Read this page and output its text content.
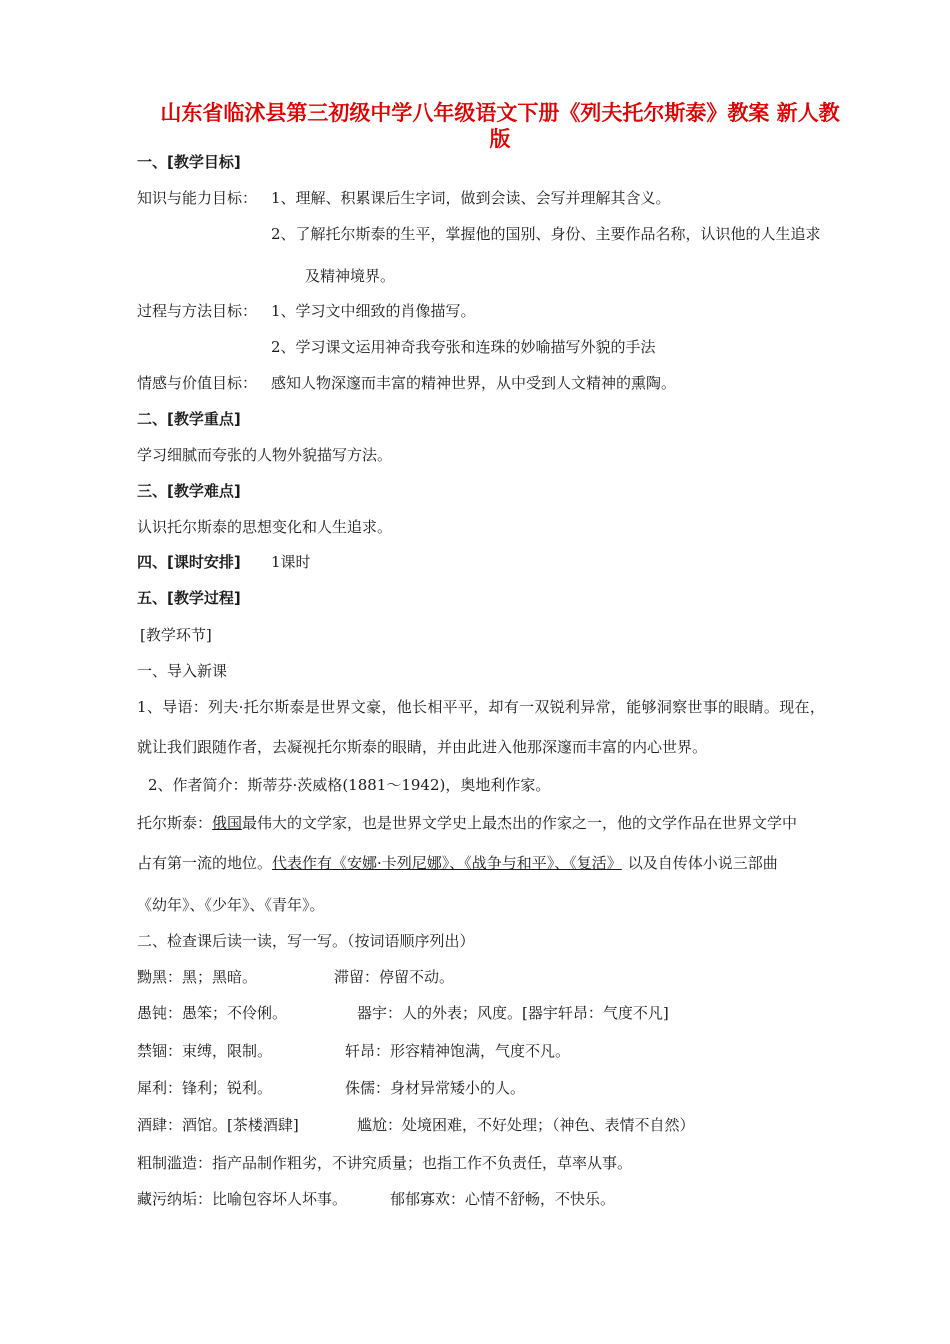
山东省临沭县第三初级中学八年级语文下册《列夫托尔斯泰》教案 新人教
版
一、[教学目标]
知识与能力目标： 1、理解、积累课后生字词，做到会读、会写并理解其含义。
2、了解托尔斯泰的生平，掌握他的国别、身份、主要作品名称，认识他的人生追求
及精神境界。
过程与方法目标： 1、学习文中细致的肖像描写。
2、学习课文运用神奇我夸张和连珠的妙喻描写外貌的手法
情感与价值目标： 感知人物深邃而丰富的精神世界，从中受到人文精神的熏陶。
二、[教学重点]
学习细腻而夸张的人物外貌描写方法。
三、[教学难点]
认识托尔斯泰的思想变化和人生追求。
四、[课时安排] 1课时
五、[教学过程]
[教学环节]
一、导入新课
1、导语：列夫·托尔斯泰是世界文豪，他长相平平，却有一双锐利异常，能够洞察世事的眼睛。现在，
就让我们跟随作者，去凝视托尔斯泰的眼睛，并由此进入他那深邃而丰富的内心世界。
2、作者简介：斯蒂芬·茨威格(1881～1942)，奥地利作家。
托尔斯泰：俄国最伟大的文学家，也是世界文学史上最杰出的作家之一，他的文学作品在世界文学中
占有第一流的地位。代表作有《安娜·卡列尼娜》、《战争与和平》、《复活》 以及自传体小说三部曲
《幼年》、《少年》、《青年》。
二、检查课后读一读，写一写。（按词语顺序列出）
黝黑：黑；黑暗。	滞留：停留不动。
愚钝：愚笨；不伶俐。	器宇：人的外表；风度。[器宇轩昂：气度不凡]
禁锢：束缚，限制。	轩昂：形容精神饱满，气度不凡。
犀利：锋利；锐利。	侏儒：身材异常矮小的人。
酒肆：酒馆。[茶楼酒肆]	尴尬：处境困难，不好处理；（神色、表情不自然）
粗制滥造：指产品制作粗劣，不讲究质量；也指工作不负责任，草率从事。
藏污纳垢：比喻包容坏人坏事。	郁郁寡欢：心情不舒畅，不快乐。
